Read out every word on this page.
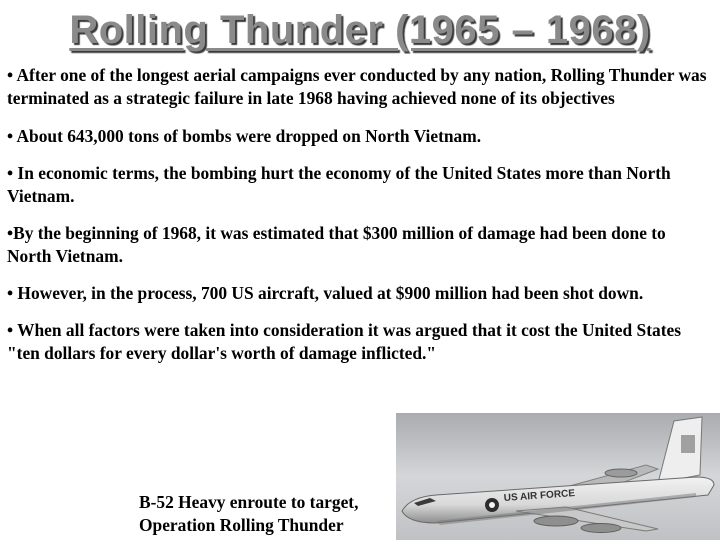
Rolling Thunder (1965 – 1968)

• After one of the longest aerial campaigns ever conducted by any nation, Rolling Thunder was terminated as a strategic failure in late 1968 having achieved none of its objectives

• About 643,000 tons of bombs were dropped on North Vietnam.

• In economic terms, the bombing hurt the economy of the United States more than North Vietnam.

•By the beginning of 1968, it was estimated that $300 million of damage had been done to North Vietnam.

• However, in the process, 700 US aircraft, valued at $900 million had been shot down.

• When all factors were taken into consideration it was argued that it cost the United States "ten dollars for every dollar's worth of damage inflicted."

US AIR FORCE
B-52 Heavy enroute to target,
Operation Rolling Thunder
